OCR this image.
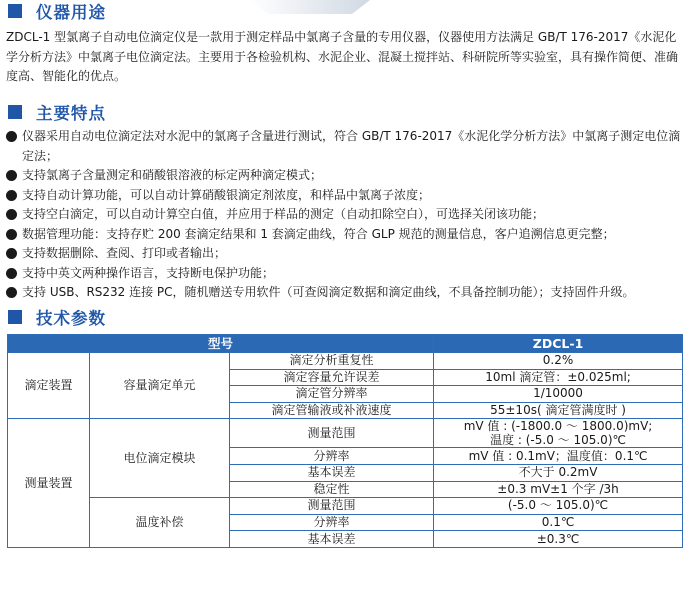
仪器用途
ZDCL-1 型氯离子自动电位滴定仪是一款用于测定样品中氯离子含量的专用仪器，仪器使用方法满足 GB/T 176-2017《水泥化学分析方法》中氯离子电位滴定法。主要用于各检验机构、水泥企业、混凝土搅拌站、科研院所等实验室，具有操作简便、准确度高、智能化的优点。
主要特点
仪器采用自动电位滴定法对水泥中的氯离子含量进行测试，符合 GB/T 176-2017《水泥化学分析方法》中氯离子测定电位滴定法；
支持氯离子含量测定和硝酸银溶液的标定两种滴定模式；
支持自动计算功能，可以自动计算硝酸银滴定剂浓度，和样品中氯离子浓度；
支持空白滴定，可以自动计算空白值，并应用于样品的测定（自动扣除空白），可选择关闭该功能；
数据管理功能：支持存贮 200 套滴定结果和 1 套滴定曲线，符合 GLP 规范的测量信息，客户追溯信息更完整；
支持数据删除、查阅、打印或者输出；
支持中英文两种操作语言，支持断电保护功能；
支持 USB、RS232 连接 PC，随机赠送专用软件（可查阅滴定数据和滴定曲线，不具备控制功能）；支持固件升级。
技术参数
型号			ZDCL-1
滴定装置	容量滴定单元	滴定分析重复性	0.2%
		滴定容量允许误差	10ml 滴定管：±0.025ml;
		滴定管分辨率	1/10000
		滴定管输液或补液速度	55±10s( 滴定管满度时 )
测量装置	电位滴定模块	测量范围	mV 值 : (-1800.0 ～ 1800.0)mV;
温度 : (-5.0 ～ 105.0)℃

		分辨率	mV 值 : 0.1mV；温度值：0.1℃
		基本误差	不大于 0.2mV
		稳定性	±0.3 mV±1 个字 /3h
	温度补偿	测量范围	(-5.0 ～ 105.0)℃
		分辨率	0.1℃
		基本误差	±0.3℃
